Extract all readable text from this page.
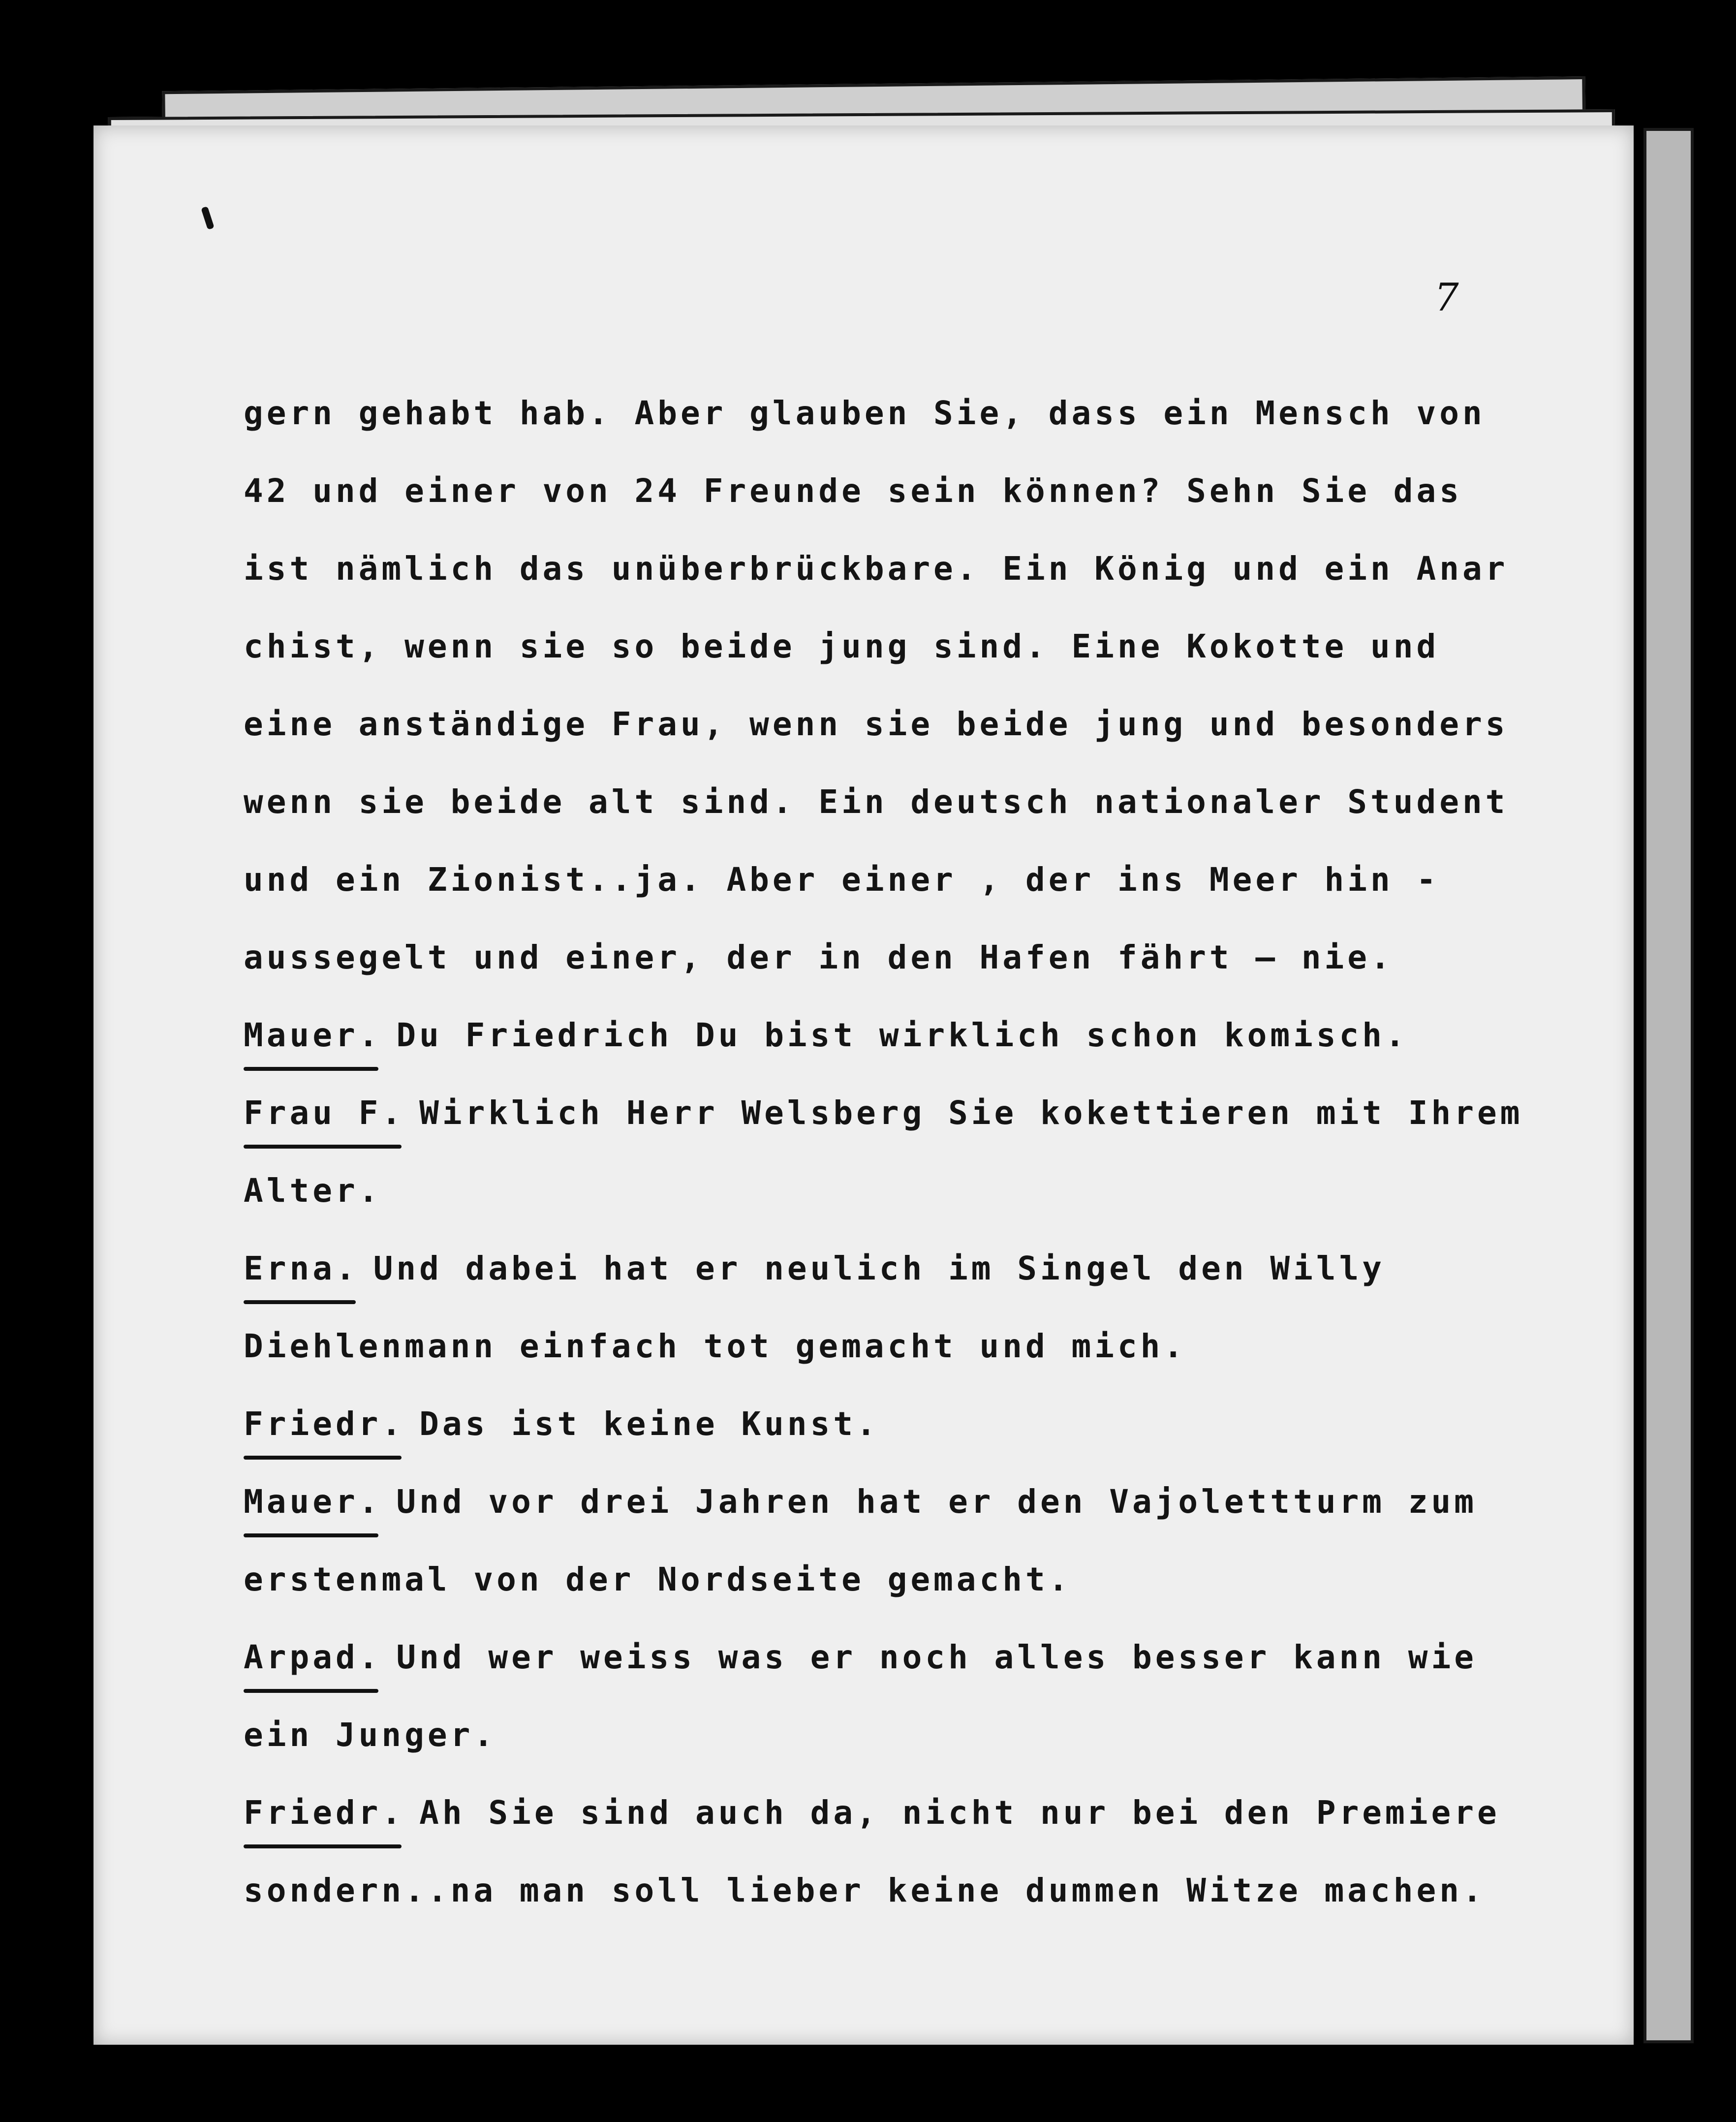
7
gern gehabt hab. Aber glauben Sie, dass ein Mensch von
42 und einer von 24 Freunde sein können? Sehn Sie das
ist nämlich das unüberbrückbare. Ein König und ein Anar
chist, wenn sie so beide jung sind. Eine Kokotte und
eine anständige Frau, wenn sie beide jung und besonders
wenn sie beide alt sind. Ein deutsch nationaler Student
und ein Zionist..ja. Aber einer , der ins Meer hin -
aussegelt und einer, der in den Hafen fährt – nie.
Mauer. Du Friedrich Du bist wirklich schon komisch.
Frau F. Wirklich Herr Welsberg Sie kokettieren mit Ihrem
Alter.
Erna. Und dabei hat er neulich im Singel den Willy
Diehlenmann einfach tot gemacht und mich.
Friedr. Das ist keine Kunst.
Mauer. Und vor drei Jahren hat er den Vajolettturm zum
erstenmal von der Nordseite gemacht.
Arpad. Und wer weiss was er noch alles besser kann wie
ein Junger.
Friedr. Ah Sie sind auch da, nicht nur bei den Premiere
sondern..na man soll lieber keine dummen Witze machen.
